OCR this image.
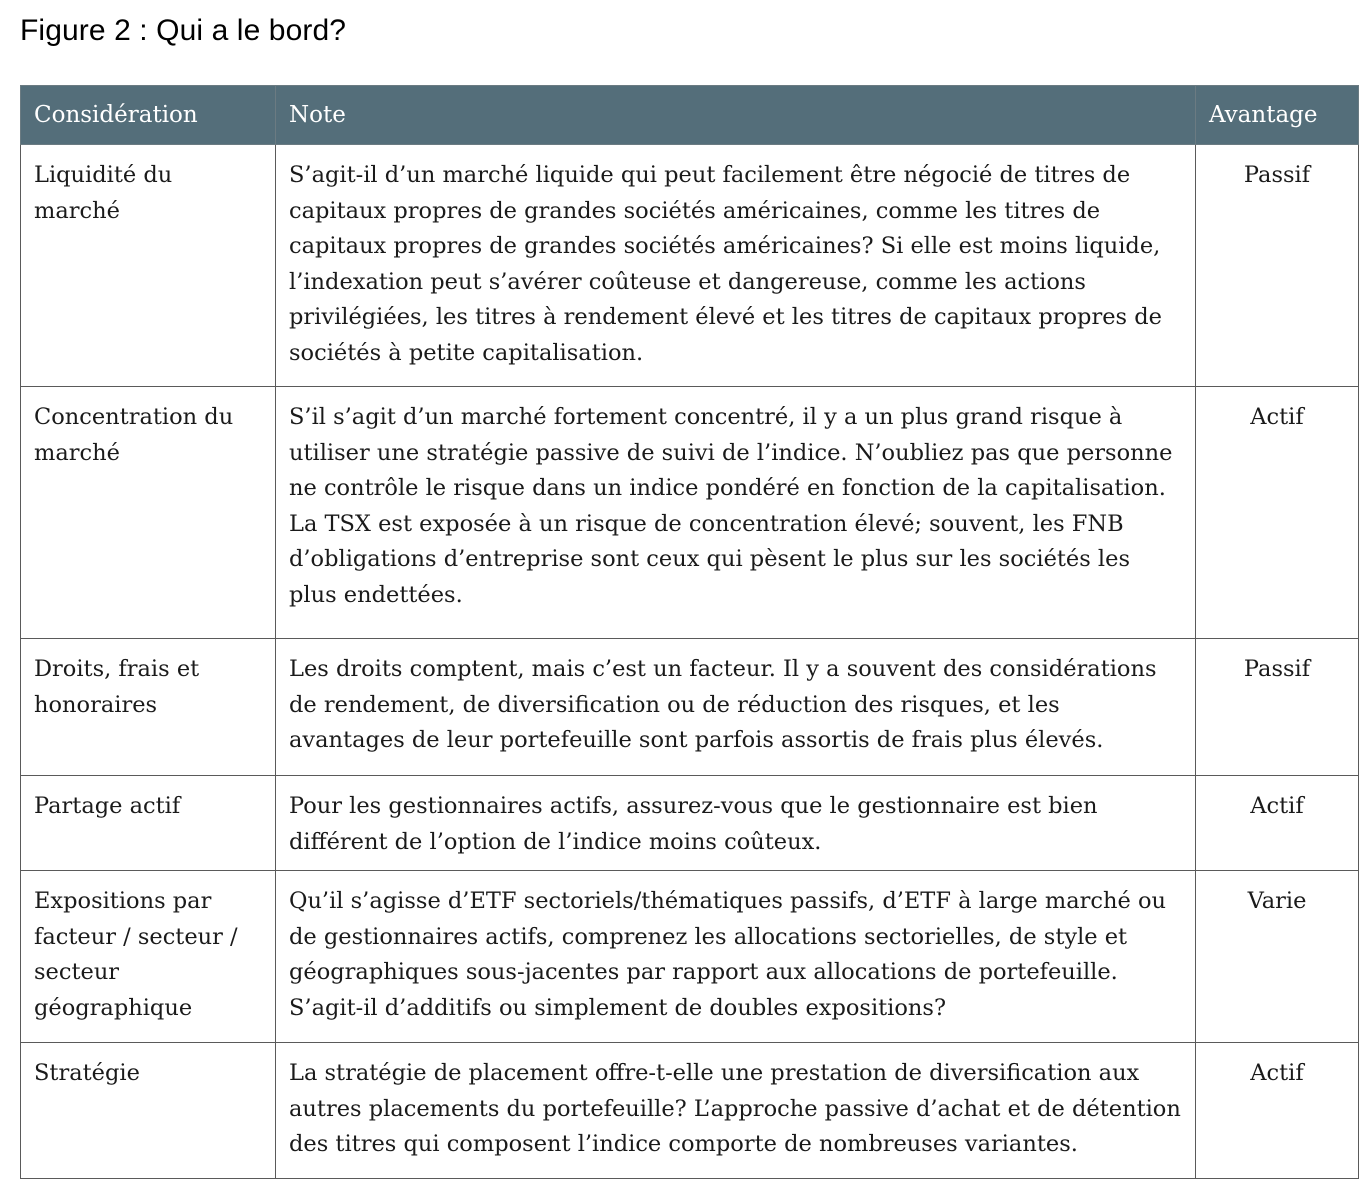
Figure 2 : Qui a le bord?
Considération	Note	Avantage
Liquidité du marché	S’agit-il d’un marché liquide qui peut facilement être négocié de titres de capitaux propres de grandes sociétés américaines, comme les titres de capitaux propres de grandes sociétés américaines? Si elle est moins liquide, l’indexation peut s’avérer coûteuse et dangereuse, comme les actions privilégiées, les titres à rendement élevé et les titres de capitaux propres de sociétés à petite capitalisation.	Passif
Concentration du marché	S’il s’agit d’un marché fortement concentré, il y a un plus grand risque à utiliser une stratégie passive de suivi de l’indice. N’oubliez pas que personne ne contrôle le risque dans un indice pondéré en fonction de la capitalisation. La TSX est exposée à un risque de concentration élevé; souvent, les FNB d’obligations d’entreprise sont ceux qui pèsent le plus sur les sociétés les plus endettées.	Actif
Droits, frais et honoraires	Les droits comptent, mais c’est un facteur. Il y a souvent des considérations de rendement, de diversification ou de réduction des risques, et les avantages de leur portefeuille sont parfois assortis de frais plus élevés.	Passif
Partage actif	Pour les gestionnaires actifs, assurez-vous que le gestionnaire est bien différent de l’option de l’indice moins coûteux.	Actif
Expositions par facteur / secteur / secteur géographique	Qu’il s’agisse d’ETF sectoriels/thématiques passifs, d’ETF à large marché ou de gestionnaires actifs, comprenez les allocations sectorielles, de style et géographiques sous-jacentes par rapport aux allocations de portefeuille. S’agit-il d’additifs ou simplement de doubles expositions?	Varie
Stratégie	La stratégie de placement offre-t-elle une prestation de diversification aux autres placements du portefeuille? L’approche passive d’achat et de détention des titres qui composent l’indice comporte de nombreuses variantes.	Actif
